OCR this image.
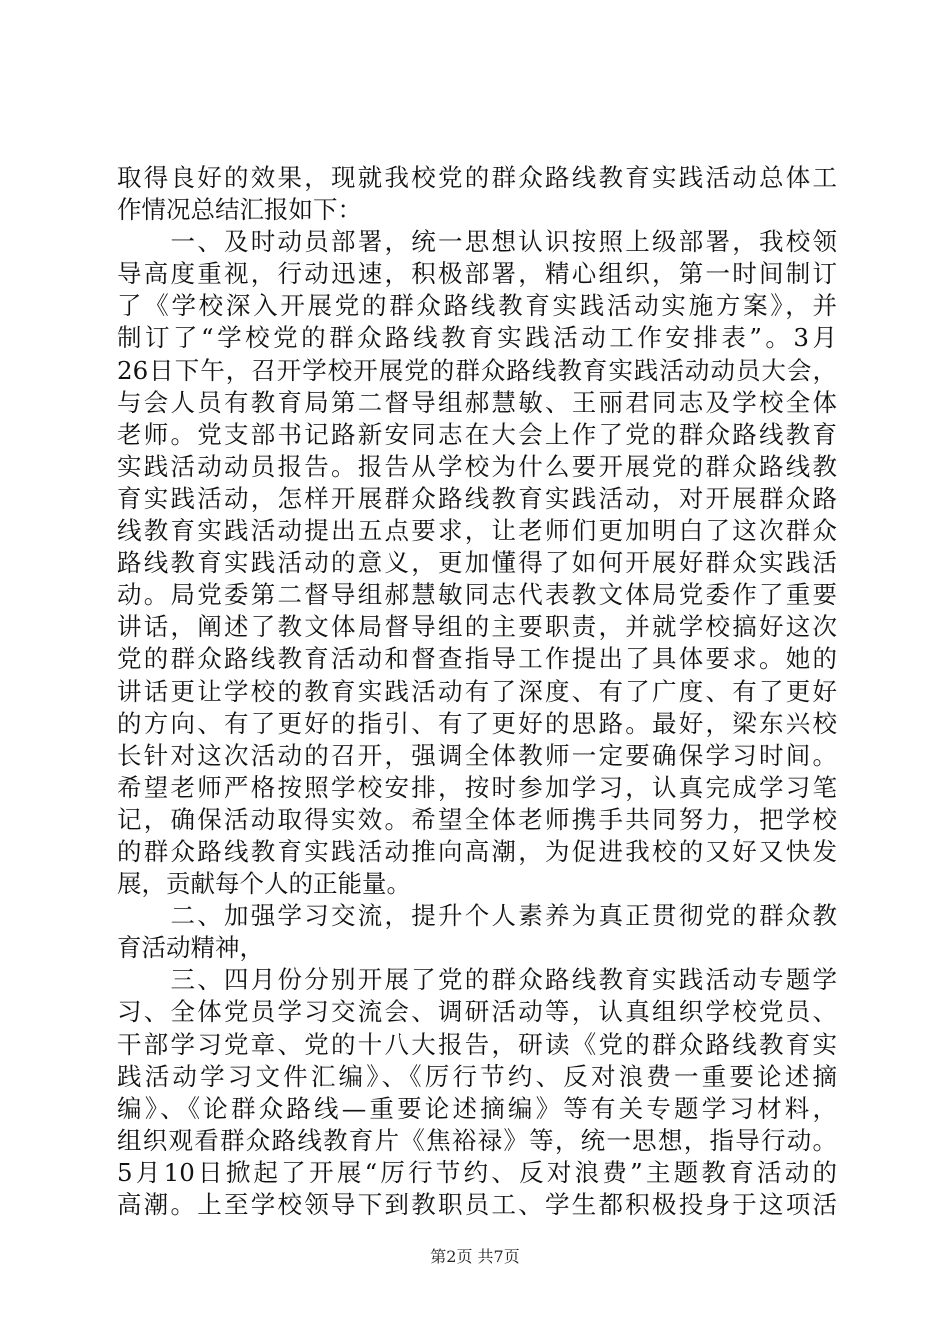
取得良好的效果，现就我校党的群众路线教育实践活动总体工
作情况总结汇报如下：
　　一、及时动员部署，统一思想认识按照上级部署，我校领
导高度重视，行动迅速，积极部署，精心组织，第一时间制订
了《学校深入开展党的群众路线教育实践活动实施方案》，并
制订了“学校党的群众路线教育实践活动工作安排表”。3月
26日下午，召开学校开展党的群众路线教育实践活动动员大会，
与会人员有教育局第二督导组郝慧敏、王丽君同志及学校全体
老师。党支部书记路新安同志在大会上作了党的群众路线教育
实践活动动员报告。报告从学校为什么要开展党的群众路线教
育实践活动，怎样开展群众路线教育实践活动，对开展群众路
线教育实践活动提出五点要求，让老师们更加明白了这次群众
路线教育实践活动的意义，更加懂得了如何开展好群众实践活
动。局党委第二督导组郝慧敏同志代表教文体局党委作了重要
讲话，阐述了教文体局督导组的主要职责，并就学校搞好这次
党的群众路线教育活动和督查指导工作提出了具体要求。她的
讲话更让学校的教育实践活动有了深度、有了广度、有了更好
的方向、有了更好的指引、有了更好的思路。最好，梁东兴校
长针对这次活动的召开，强调全体教师一定要确保学习时间。
希望老师严格按照学校安排，按时参加学习，认真完成学习笔
记，确保活动取得实效。希望全体老师携手共同努力，把学校
的群众路线教育实践活动推向高潮，为促进我校的又好又快发
展，贡献每个人的正能量。
　　二、加强学习交流，提升个人素养为真正贯彻党的群众教
育活动精神，
　　三、四月份分别开展了党的群众路线教育实践活动专题学
习、全体党员学习交流会、调研活动等，认真组织学校党员、
干部学习党章、党的十八大报告，研读《党的群众路线教育实
践活动学习文件汇编》、《厉行节约、反对浪费一重要论述摘
编》、《论群众路线—重要论述摘编》等有关专题学习材料，
组织观看群众路线教育片《焦裕禄》等，统一思想，指导行动。
5月10日掀起了开展“厉行节约、反对浪费”主题教育活动的
高潮。上至学校领导下到教职员工、学生都积极投身于这项活
第2页 共7页
